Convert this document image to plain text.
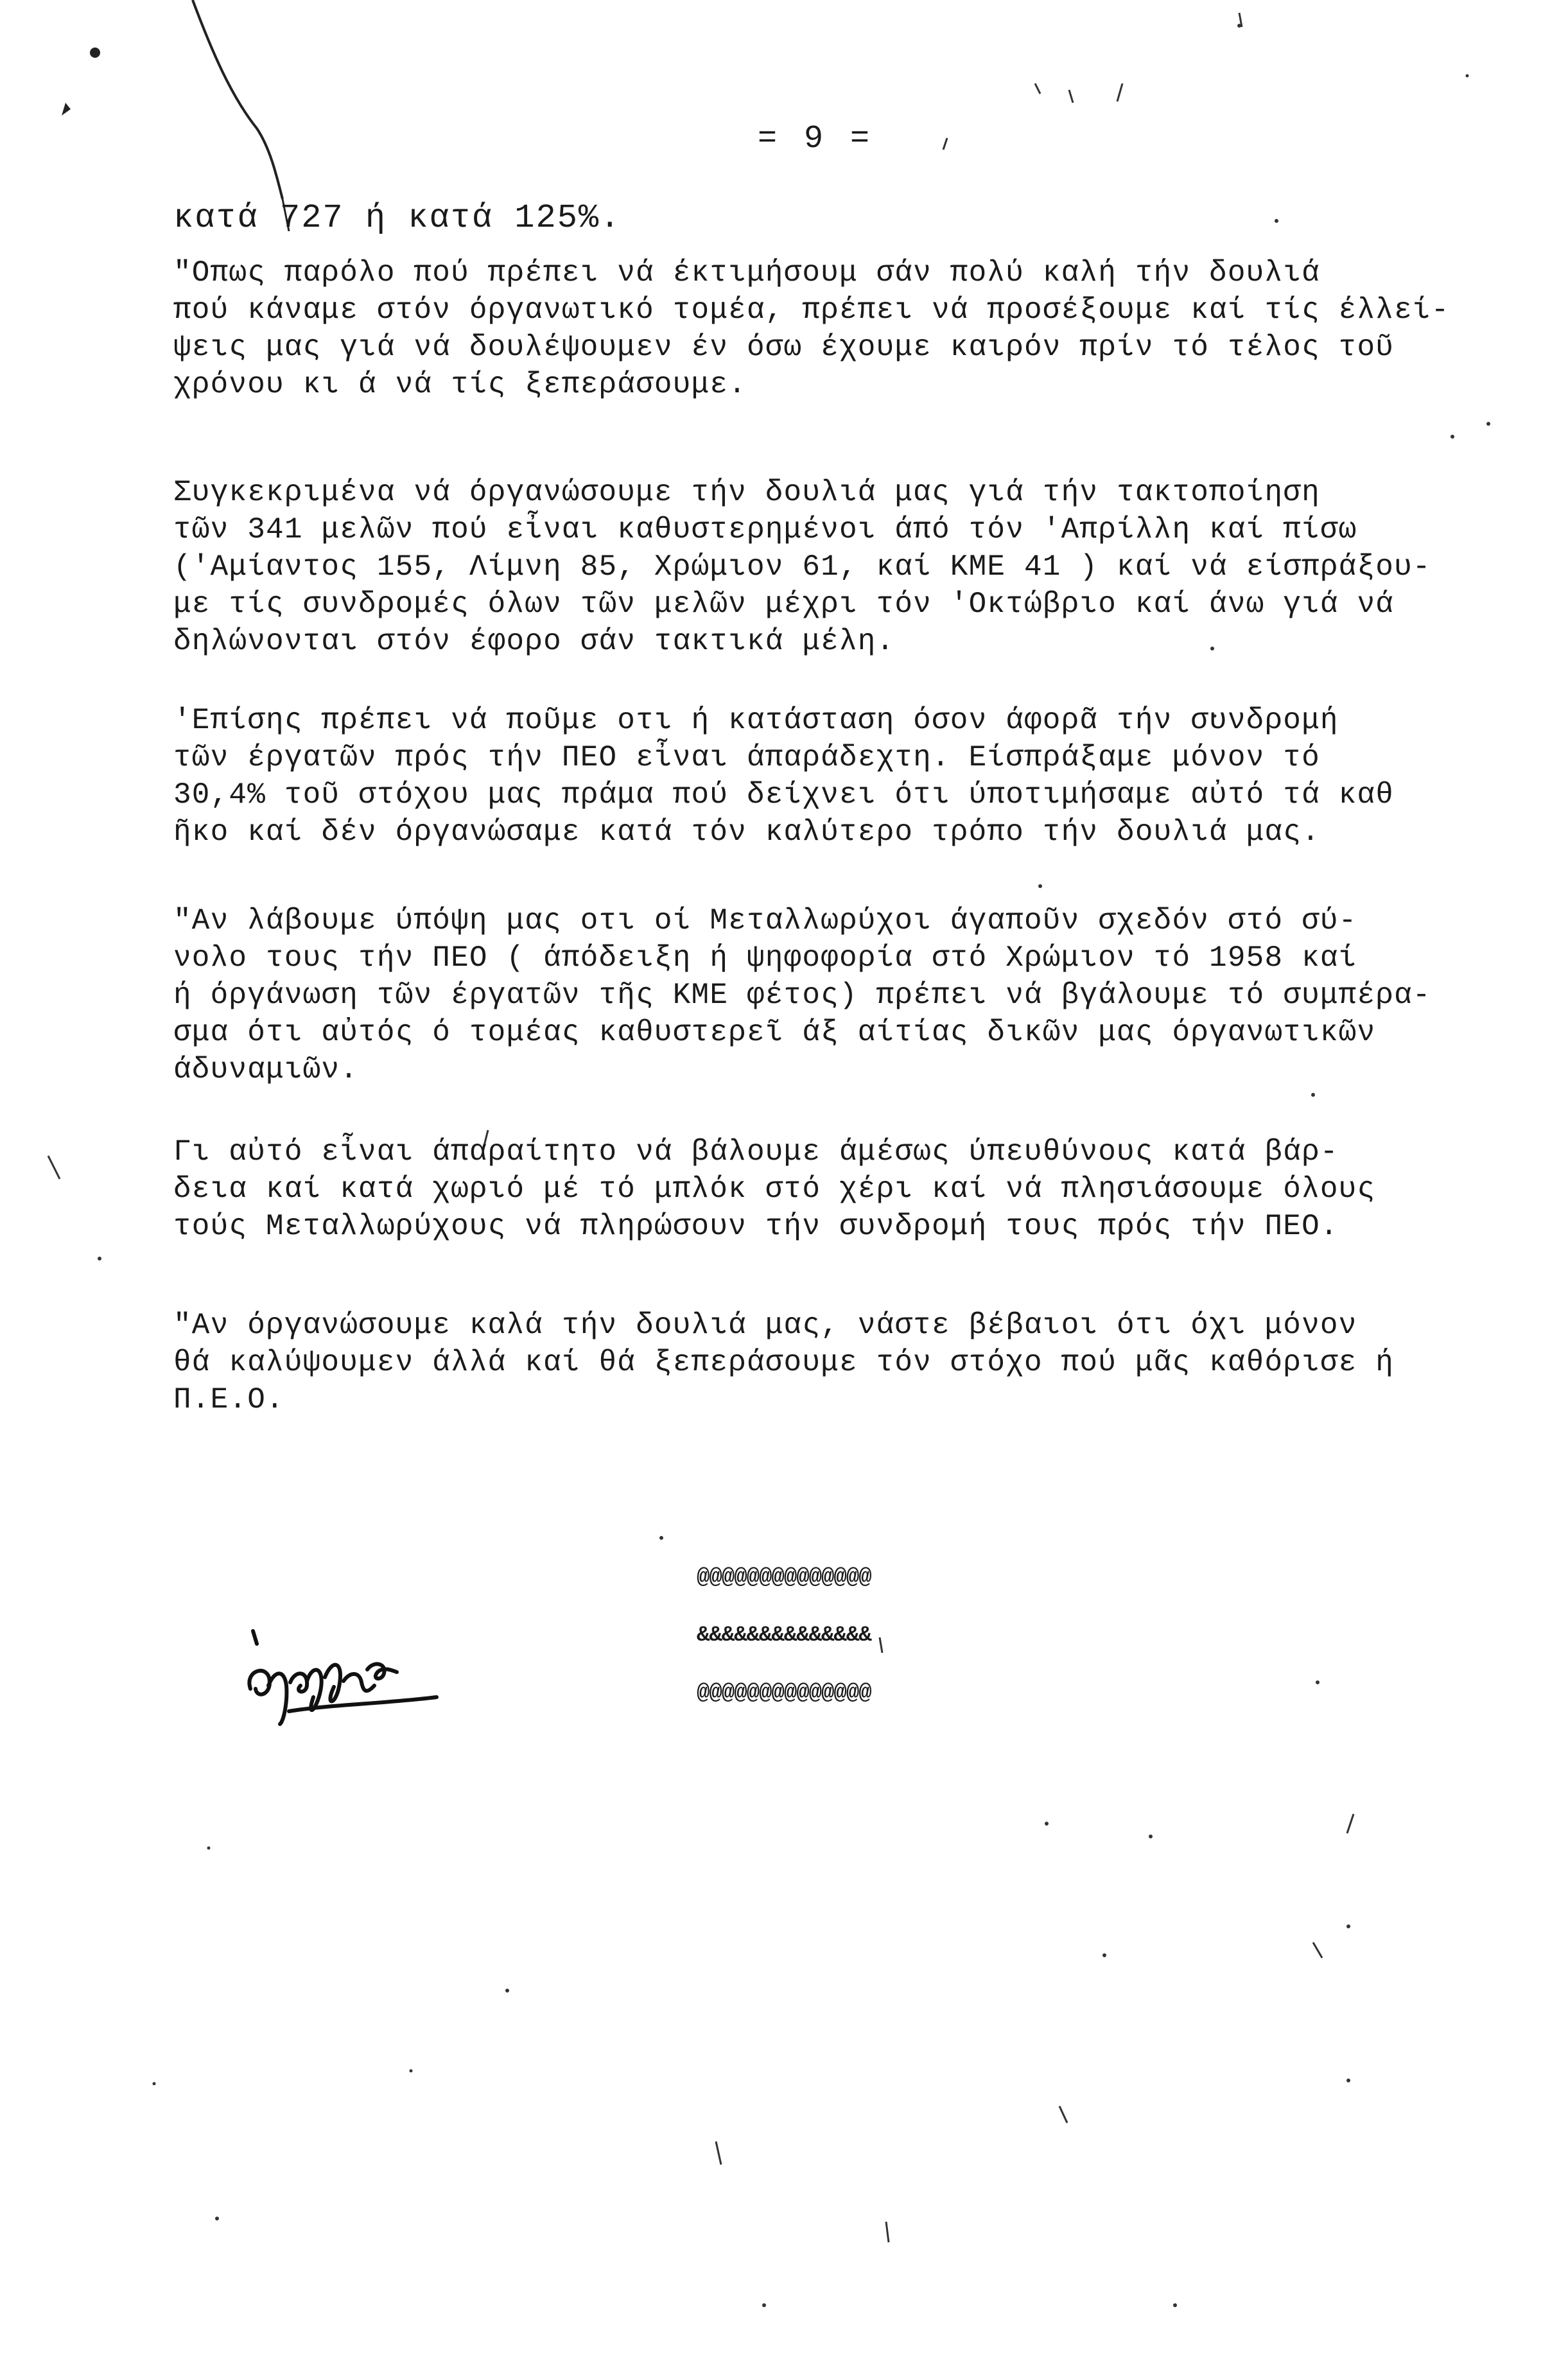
= 9 =
κατά 727 ή κατά 125%.
"Οπως παρόλο πού πρέπει νά έκτιμήσουμ σάν πολύ καλή τήν δουλιά
πού κάναμε στόν όργανωτικό τομέα, πρέπει νά προσέξουμε καί τίς έλλεί-
ψεις μας γιά νά δουλέψουμεν έν όσω έχουμε καιρόν πρίν τό τέλος τοῦ
χρόνου κι ά νά τίς ξεπεράσουμε.
Συγκεκριμένα νά όργανώσουμε τήν δουλιά μας γιά τήν τακτοποίηση
τῶν 341 μελῶν πού εἶναι καθυστερημένοι άπό τόν 'Απρίλλη καί πίσω
('Αμίαντος 155, Λίμνη 85, Χρώμιον 61, καί ΚΜΕ 41 ) καί νά είσπράξου-
με τίς συνδρομές όλων τῶν μελῶν μέχρι τόν 'Οκτώβριο καί άνω γιά νά
δηλώνονται στόν έφορο σάν τακτικά μέλη.
'Επίσης πρέπει νά ποῦμε οτι ή κατάσταση όσον άφορᾶ τήν συνδρομή
τῶν έργατῶν πρός τήν ΠΕΟ εἶναι άπαράδεχτη. Είσπράξαμε μόνον τό
30,4% τοῦ στόχου μας πράμα πού δείχνει ότι ύποτιμήσαμε αὐτό τά καθ
ῆκο καί δέν όργανώσαμε κατά τόν καλύτερο τρόπο τήν δουλιά μας.
"Αν λάβουμε ύπόψη μας οτι οί Μεταλλωρύχοι άγαποῦν σχεδόν στό σύ-
νολο τους τήν ΠΕΟ ( άπόδειξη ή ψηφοφορία στό Χρώμιον τό 1958 καί
ή όργάνωση τῶν έργατῶν τῆς ΚΜΕ φέτος) πρέπει νά βγάλουμε τό συμπέρα-
σμα ότι αὐτός ό τομέας καθυστερεῖ άξ αίτίας δικῶν μας όργανωτικῶν
άδυναμιῶν.
Γι αὐτό εἶναι άπαραίτητο νά βάλουμε άμέσως ύπευθύνους κατά βάρ-
δεια καί κατά χωριό μέ τό μπλόκ στό χέρι καί νά πλησιάσουμε όλους
τούς Μεταλλωρύχους νά πληρώσουν τήν συνδρομή τους πρός τήν ΠΕΟ.
"Αν όργανώσουμε καλά τήν δουλιά μας, νάστε βέβαιοι ότι όχι μόνον
θά καλύψουμεν άλλά καί θά ξεπεράσουμε τόν στόχο πού μᾶς καθόρισε ή
Π.Ε.Ο.

@@@@@@@@@@@@@@

&&&&&&&&&&&&&&

@@@@@@@@@@@@@@
